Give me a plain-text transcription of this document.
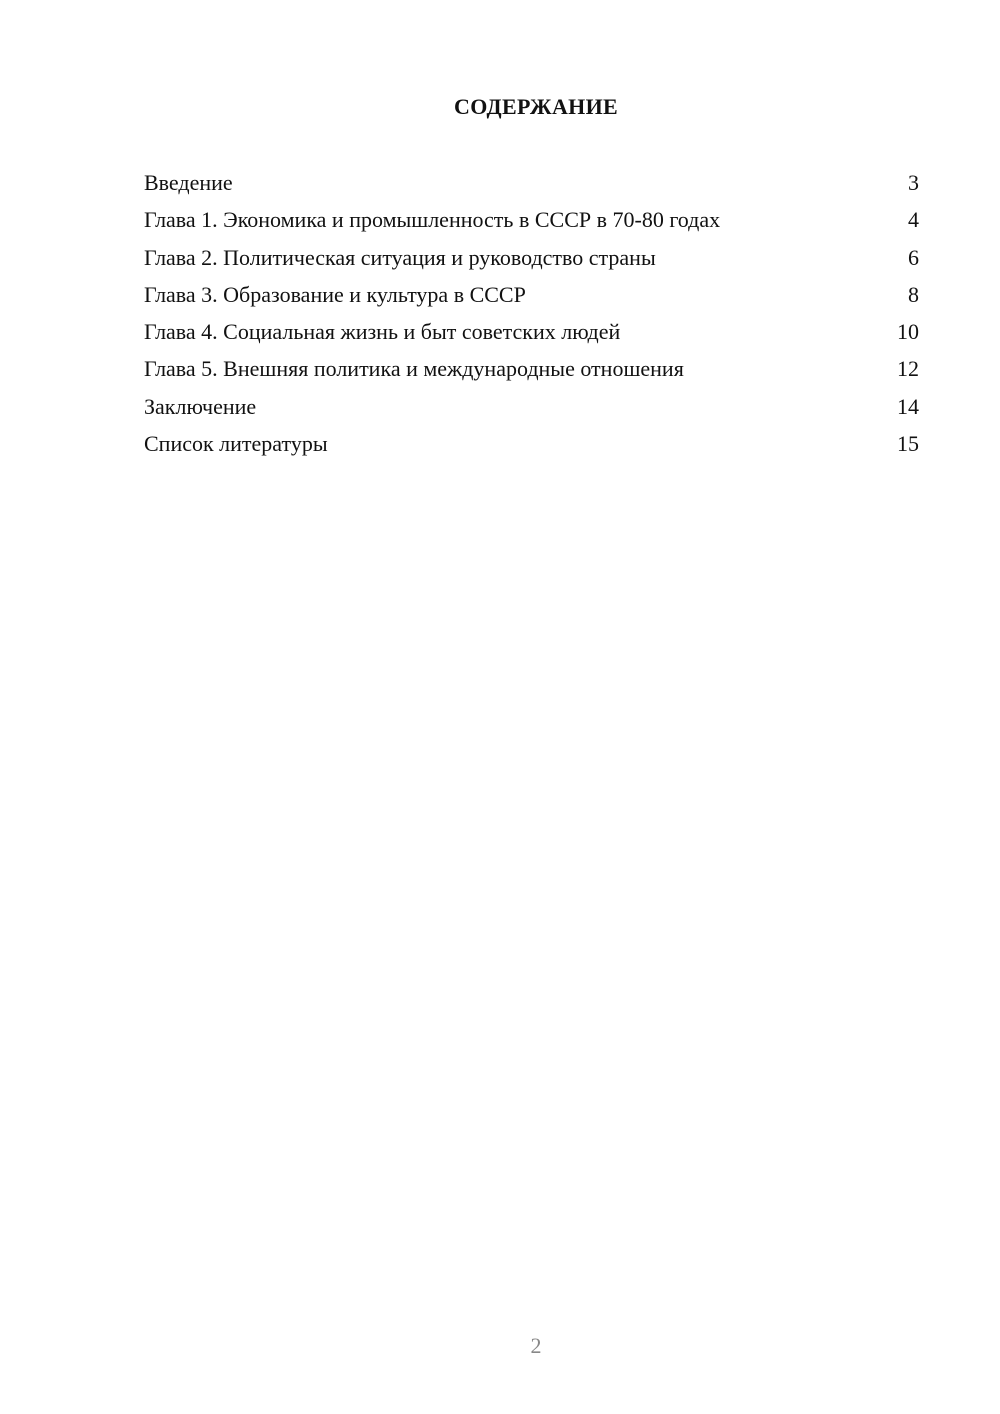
СОДЕРЖАНИЕ
Введение	3
Глава 1. Экономика и промышленность в СССР в 70-80 годах	4
Глава 2. Политическая ситуация и руководство страны	6
Глава 3. Образование и культура в СССР	8
Глава 4. Социальная жизнь и быт советских людей	10
Глава 5. Внешняя политика и международные отношения	12
Заключение	14
Список литературы	15
2
